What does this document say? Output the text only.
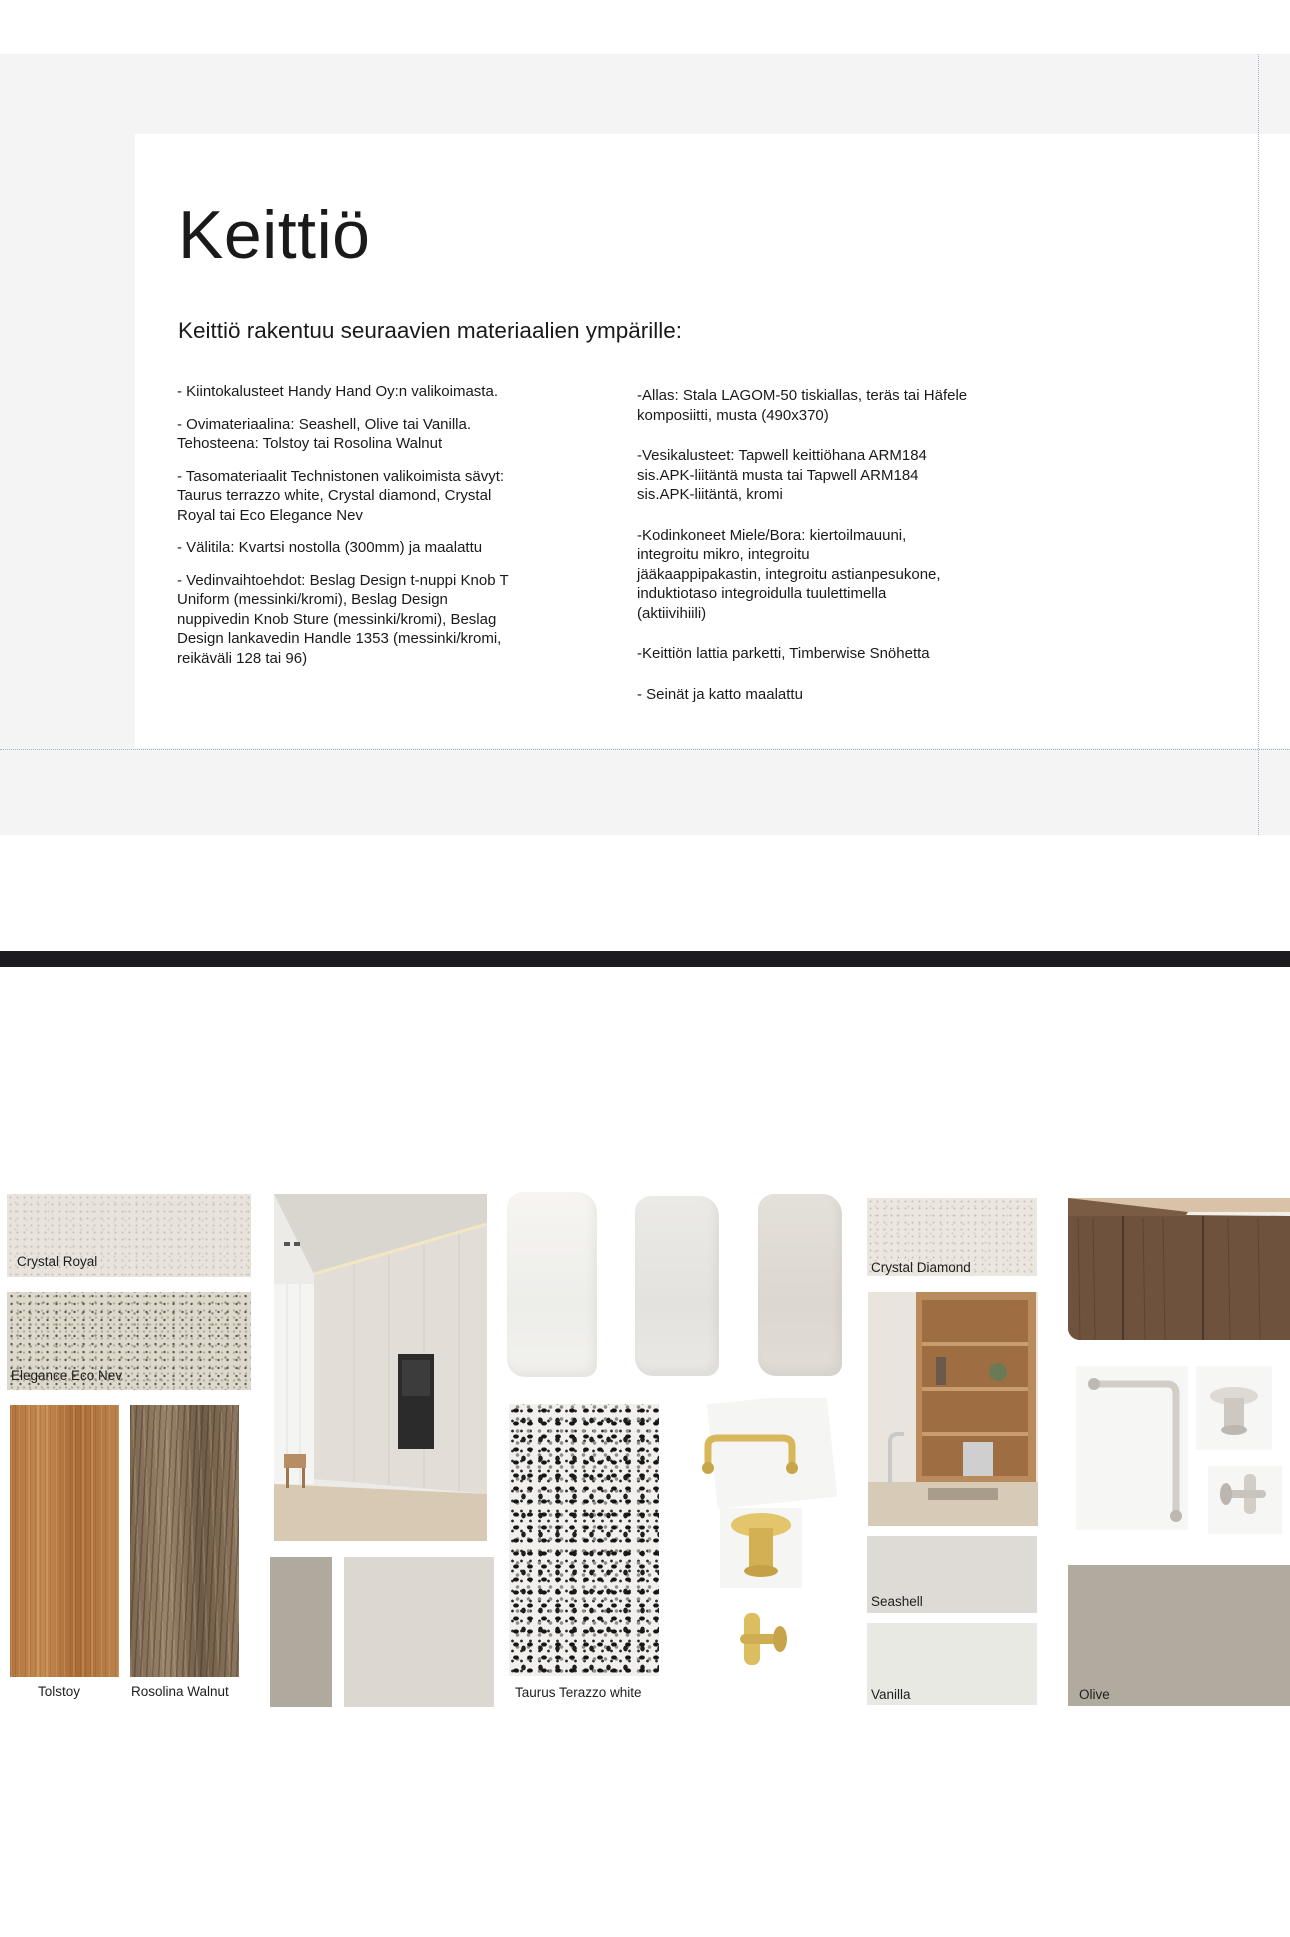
Keittiö
Keittiö rakentuu seuraavien materiaalien ympärille:

- Kiintokalusteet Handy Hand Oy:n valikoimasta.

- Ovimateriaalina: Seashell, Olive tai Vanilla.
Tehosteena: Tolstoy tai Rosolina Walnut

- Tasomateriaalit Technistonen valikoimista sävyt:
Taurus terrazzo white, Crystal diamond, Crystal
Royal tai Eco Elegance Nev

- Välitila: Kvartsi nostolla (300mm) ja maalattu

- Vedinvaihtoehdot: Beslag Design t-nuppi Knob T
Uniform (messinki/kromi), Beslag Design
nuppivedin Knob Sture (messinki/kromi), Beslag
Design lankavedin Handle 1353 (messinki/kromi,
reikäväli 128 tai 96)

-Allas: Stala LAGOM-50 tiskiallas, teräs tai Häfele
komposiitti, musta (490x370)

-Vesikalusteet: Tapwell keittiöhana ARM184
sis.APK-liitäntä musta tai Tapwell ARM184
sis.APK-liitäntä, kromi

-Kodinkoneet Miele/Bora: kiertoilmauuni,
integroitu mikro, integroitu
jääkaappipakastin, integroitu astianpesukone,
induktiotaso integroidulla tuulettimella
(aktiivihiili)

-Keittiön lattia parketti, Timberwise Snöhetta

- Seinät ja katto maalattu

Crystal Royal
Elegance Eco Nev
Tolstoy	Rosolina Walnut	Taurus Terazzo white
Crystal Diamond
Seashell
Vanilla	Olive
